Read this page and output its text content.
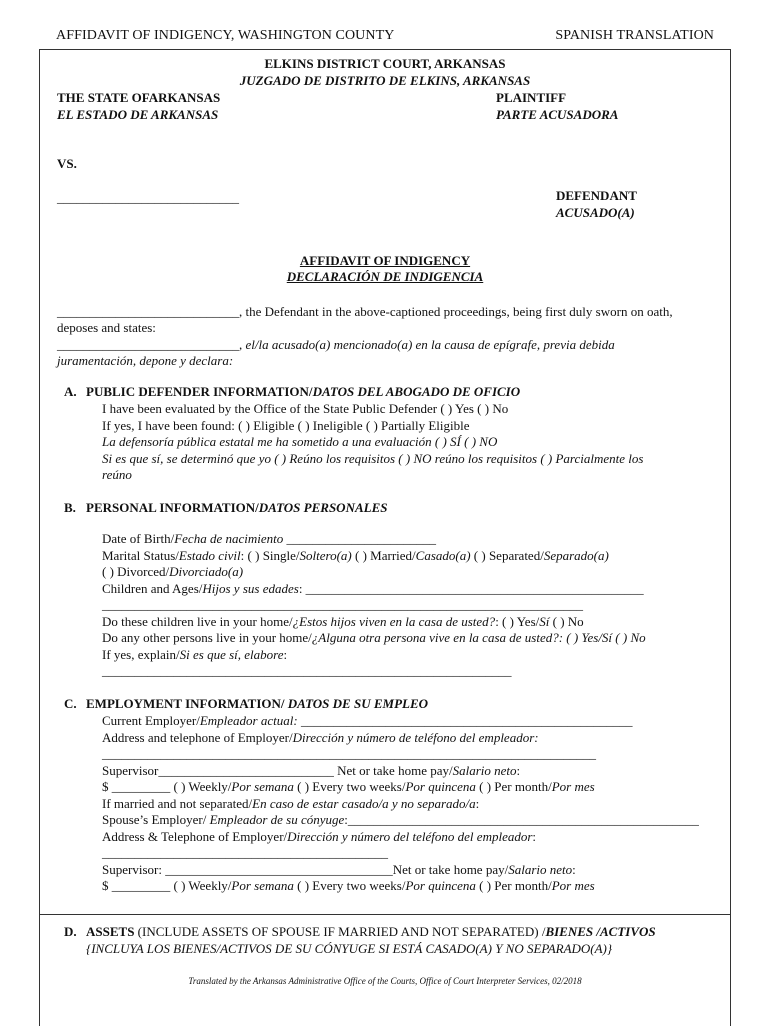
AFFIDAVIT OF INDIGENCY, WASHINGTON COUNTY	SPANISH TRANSLATION
ELKINS DISTRICT COURT, ARKANSAS
JUZGADO DE DISTRITO DE ELKINS, ARKANSAS
THE STATE OFARKANSAS
EL ESTADO DE ARKANSAS
PLAINTIFF
PARTE ACUSADORA
VS.
____________________________	DEFENDANT
ACUSADO(A)
AFFIDAVIT OF INDIGENCY
DECLARACIÓN DE INDIGENCIA
____________________________, the Defendant in the above-captioned proceedings, being first duly sworn on oath,
deposes and states:
____________________________, el/la acusado(a) mencionado(a) en la causa de epígrafe, previa debida
juramentación, depone y declara:
A. PUBLIC DEFENDER INFORMATION/DATOS DEL ABOGADO DE OFICIO
I have been evaluated by the Office of the State Public Defender ( ) Yes ( ) No
If yes, I have been found: ( ) Eligible ( ) Ineligible ( ) Partially Eligible
La defensoría pública estatal me ha sometido a una evaluación ( ) SÍ ( ) NO
Si es que sí, se determinó que yo ( ) Reúno los requisitos ( ) NO reúno los requisitos ( ) Parcialmente los
reúno
B. PERSONAL INFORMATION/DATOS PERSONALES
Date of Birth/Fecha de nacimiento _______________________
Marital Status/Estado civil: ( ) Single/Soltero(a) ( ) Married/Casado(a) ( ) Separated/Separado(a)
( ) Divorced/Divorciado(a)
Children and Ages/Hijos y sus edades: ____________________________________________________
__________________________________________________________________________
Do these children live in your home/¿Estos hijos viven en la casa de usted?: ( ) Yes/Sí ( ) No
Do any other persons live in your home/¿Alguna otra persona vive en la casa de usted?: ( ) Yes/Sí ( ) No
If yes, explain/Si es que sí, elabore:
_______________________________________________________________
C. EMPLOYMENT INFORMATION/ DATOS DE SU EMPLEO
Current Employer/Empleador actual: ___________________________________________________
Address and telephone of Employer/Dirección y número de teléfono del empleador:
____________________________________________________________________________
Supervisor___________________________ Net or take home pay/Salario neto:
$ _________ ( ) Weekly/Por semana ( ) Every two weeks/Por quincena ( ) Per month/Por mes
If married and not separated/En caso de estar casado/a y no separado/a:
Spouse’s Employer/ Empleador de su cónyuge:______________________________________________________
Address & Telephone of Employer/Dirección y número del teléfono del empleador:
____________________________________________
Supervisor: ___________________________________Net or take home pay/Salario neto:
$ _________ ( ) Weekly/Por semana ( ) Every two weeks/Por quincena ( ) Per month/Por mes
D. ASSETS (INCLUDE ASSETS OF SPOUSE IF MARRIED AND NOT SEPARATED) /BIENES /ACTIVOS
{INCLUYA LOS BIENES/ACTIVOS DE SU CÓNYUGE SI ESTÁ CASADO(A) Y NO SEPARADO(A)}
Translated by the Arkansas Administrative Office of the Courts, Office of Court Interpreter Services, 02/2018
